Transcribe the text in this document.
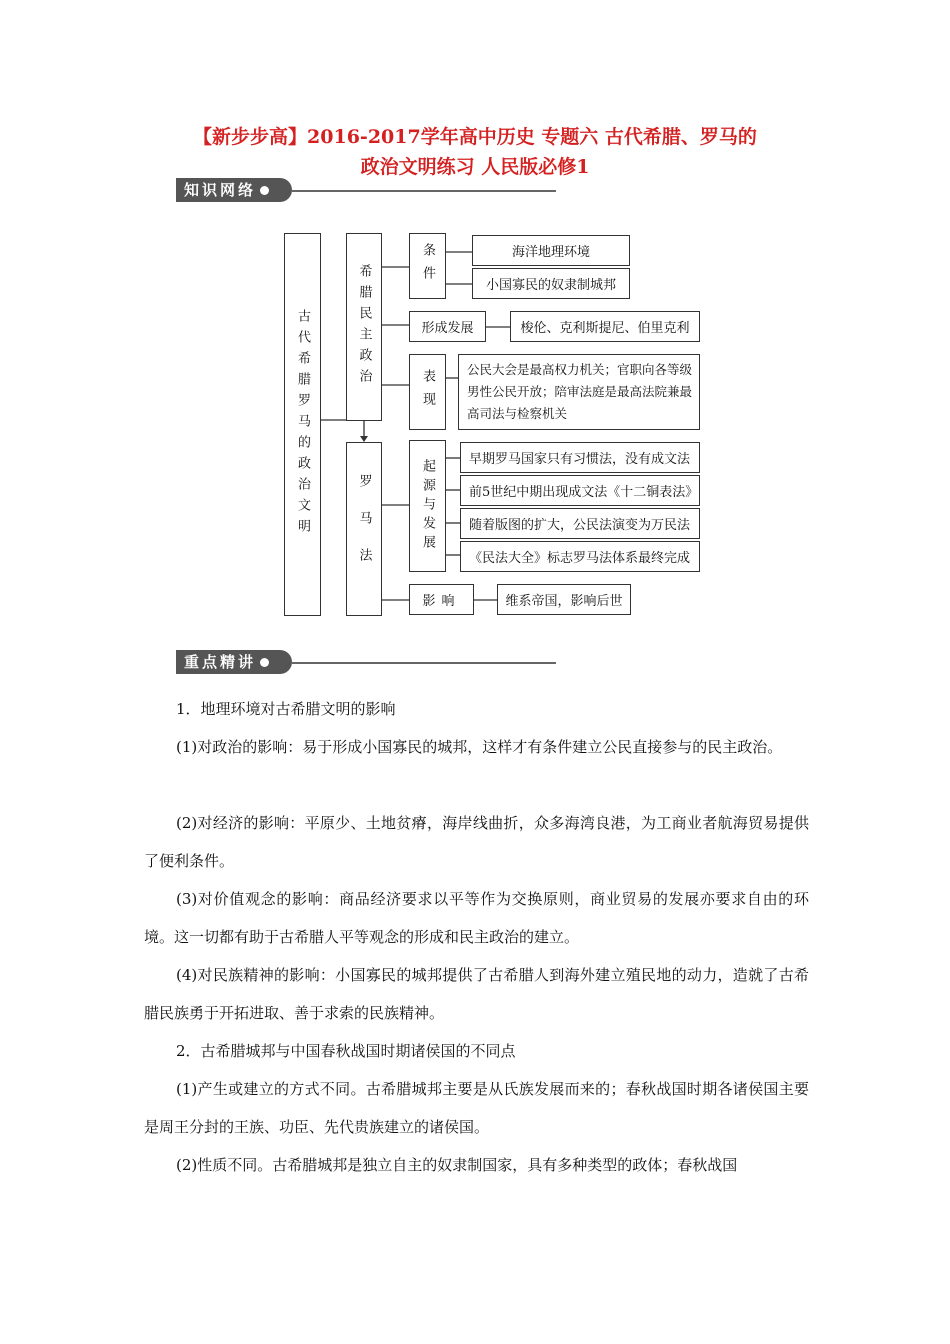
【新步步高】2016-2017学年高中历史 专题六 古代希腊、罗马的
政治文明练习 人民版必修1
知识网络
古代希腊罗马的政治文明	希腊民主政治
罗马法
条件	海洋地理环境
小国寡民的奴隶制城邦
形成发展	梭伦、克利斯提尼、伯里克利
表现	公民大会是最高权力机关；官职向各等级男性公民开放；陪审法庭是最高法院兼最高司法与检察机关
起源与发展	早期罗马国家只有习惯法，没有成文法
前5世纪中期出现成文法《十二铜表法》
随着版图的扩大，公民法演变为万民法
《民法大全》标志罗马法体系最终完成
影响	维系帝国，影响后世
重点精讲
1．地理环境对古希腊文明的影响
(1)对政治的影响：易于形成小国寡民的城邦，这样才有条件建立公民直接参与的民主政治。
(2)对经济的影响：平原少、土地贫瘠，海岸线曲折，众多海湾良港，为工商业者航海贸易提供了便利条件。
(3)对价值观念的影响：商品经济要求以平等作为交换原则，商业贸易的发展亦要求自由的环境。这一切都有助于古希腊人平等观念的形成和民主政治的建立。
(4)对民族精神的影响：小国寡民的城邦提供了古希腊人到海外建立殖民地的动力，造就了古希腊民族勇于开拓进取、善于求索的民族精神。
2．古希腊城邦与中国春秋战国时期诸侯国的不同点
(1)产生或建立的方式不同。古希腊城邦主要是从氏族发展而来的；春秋战国时期各诸侯国主要是周王分封的王族、功臣、先代贵族建立的诸侯国。
(2)性质不同。古希腊城邦是独立自主的奴隶制国家，具有多种类型的政体；春秋战国
